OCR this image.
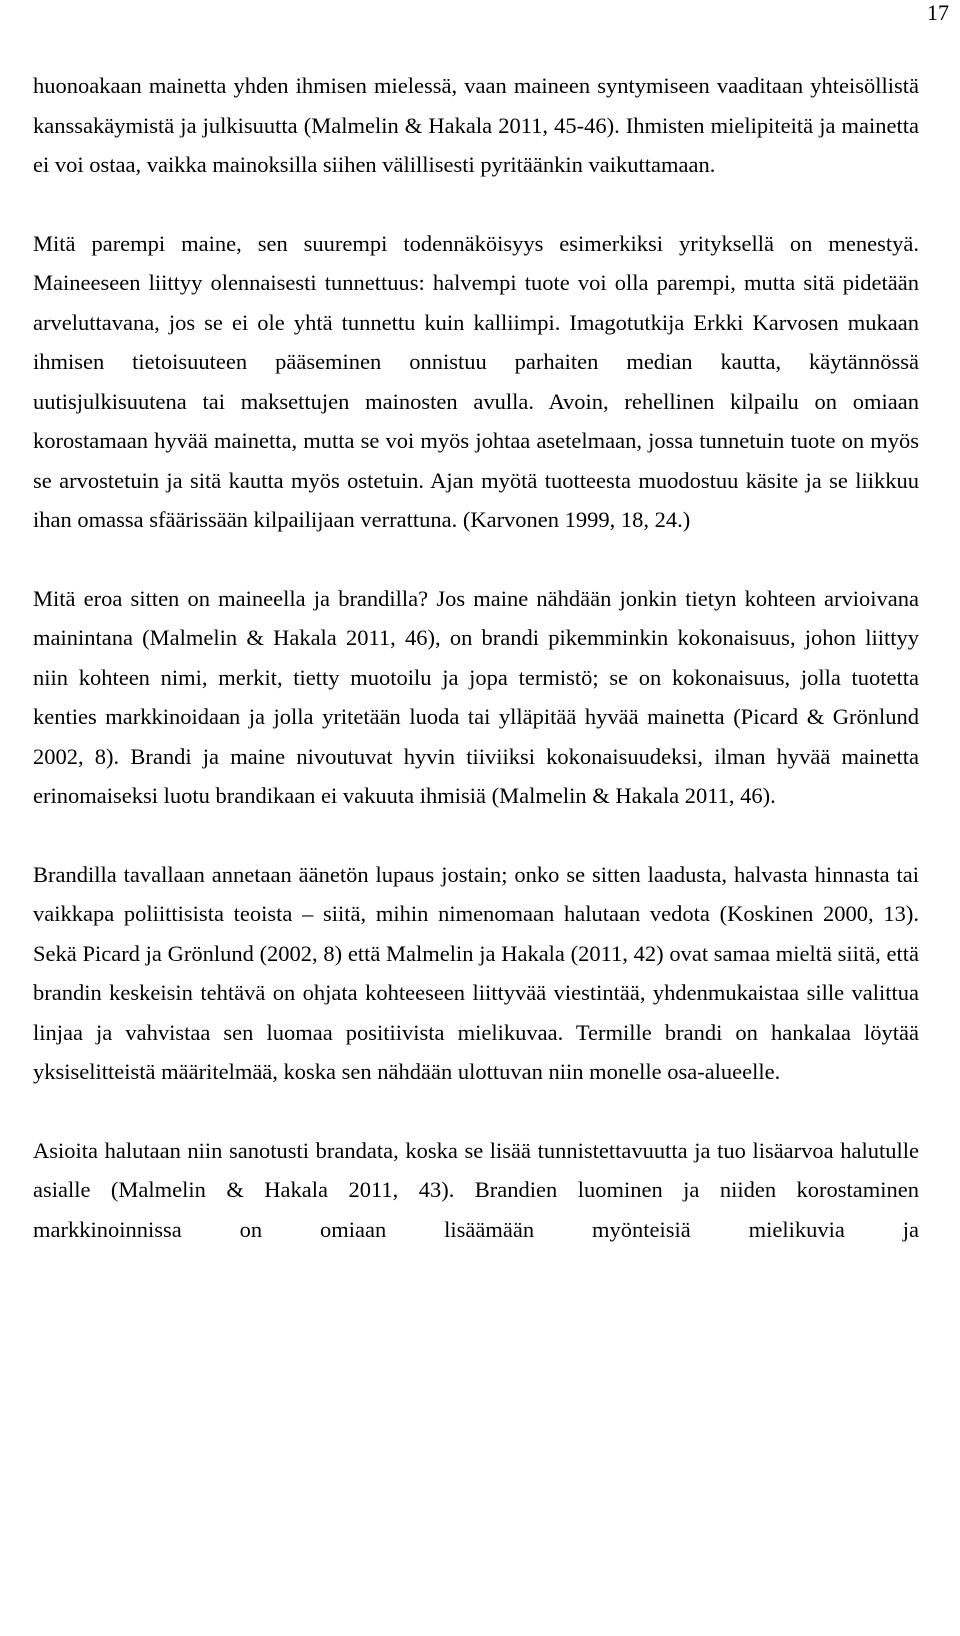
17

huonoakaan mainetta yhden ihmisen mielessä, vaan maineen syntymiseen vaaditaan yhteisöllistä kanssakäymistä ja julkisuutta (Malmelin & Hakala 2011, 45-46). Ihmisten mielipiteitä ja mainetta ei voi ostaa, vaikka mainoksilla siihen välillisesti pyritäänkin vaikuttamaan.

Mitä parempi maine, sen suurempi todennäköisyys esimerkiksi yrityksellä on menestyä. Maineeseen liittyy olennaisesti tunnettuus: halvempi tuote voi olla parempi, mutta sitä pidetään arveluttavana, jos se ei ole yhtä tunnettu kuin kalliimpi. Imagotutkija Erkki Karvosen mukaan ihmisen tietoisuuteen pääseminen onnistuu parhaiten median kautta, käytännössä uutisjulkisuutena tai maksettujen mainosten avulla. Avoin, rehellinen kilpailu on omiaan korostamaan hyvää mainetta, mutta se voi myös johtaa asetelmaan, jossa tunnetuin tuote on myös se arvostetuin ja sitä kautta myös ostetuin. Ajan myötä tuotteesta muodostuu käsite ja se liikkuu ihan omassa sfäärissään kilpailijaan verrattuna. (Karvonen 1999, 18, 24.)

Mitä eroa sitten on maineella ja brandilla? Jos maine nähdään jonkin tietyn kohteen arvioivana mainintana (Malmelin & Hakala 2011, 46), on brandi pikemminkin kokonaisuus, johon liittyy niin kohteen nimi, merkit, tietty muotoilu ja jopa termistö; se on kokonaisuus, jolla tuotetta kenties markkinoidaan ja jolla yritetään luoda tai ylläpitää hyvää mainetta (Picard & Grönlund 2002, 8). Brandi ja maine nivoutuvat hyvin tiiviiksi kokonaisuudeksi, ilman hyvää mainetta erinomaiseksi luotu brandikaan ei vakuuta ihmisiä (Malmelin & Hakala 2011, 46).

Brandilla tavallaan annetaan äänetön lupaus jostain; onko se sitten laadusta, halvasta hinnasta tai vaikkapa poliittisista teoista – siitä, mihin nimenomaan halutaan vedota (Koskinen 2000, 13). Sekä Picard ja Grönlund (2002, 8) että Malmelin ja Hakala (2011, 42) ovat samaa mieltä siitä, että brandin keskeisin tehtävä on ohjata kohteeseen liittyvää viestintää, yhdenmukaistaa sille valittua linjaa ja vahvistaa sen luomaa positiivista mielikuvaa. Termille brandi on hankalaa löytää yksiselitteistä määritelmää, koska sen nähdään ulottuvan niin monelle osa-alueelle.

Asioita halutaan niin sanotusti brandata, koska se lisää tunnistettavuutta ja tuo lisäarvoa halutulle asialle (Malmelin & Hakala 2011, 43). Brandien luominen ja niiden korostaminen markkinoinnissa on omiaan lisäämään myönteisiä mielikuvia ja
